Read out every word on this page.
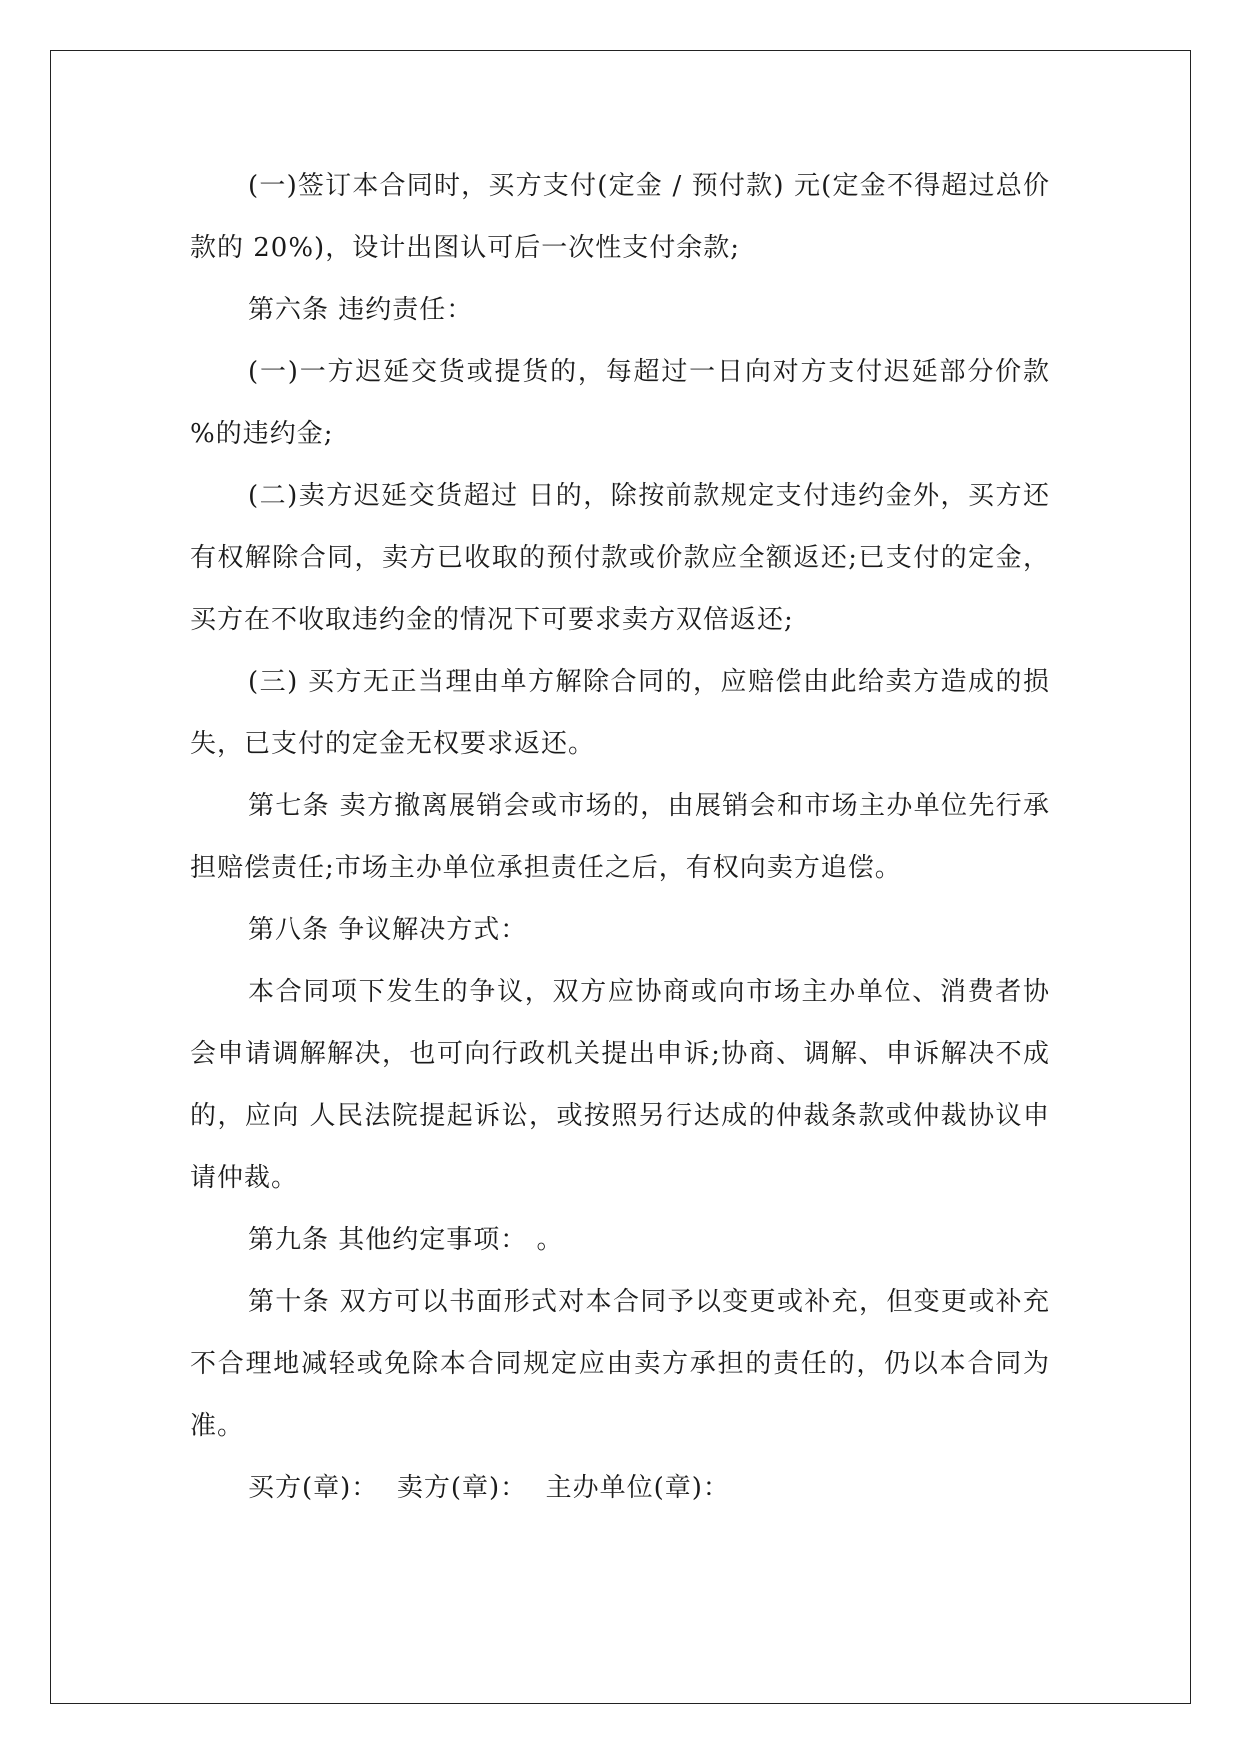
(一)签订本合同时，买方支付(定金 / 预付款) 元(定金不得超过总价款的 20%)，设计出图认可后一次性支付余款;

第六条 违约责任：

(一)一方迟延交货或提货的，每超过一日向对方支付迟延部分价款 %的违约金;

(二)卖方迟延交货超过 日的，除按前款规定支付违约金外，买方还有权解除合同，卖方已收取的预付款或价款应全额返还;已支付的定金，买方在不收取违约金的情况下可要求卖方双倍返还;

(三) 买方无正当理由单方解除合同的，应赔偿由此给卖方造成的损失，已支付的定金无权要求返还。

第七条 卖方撤离展销会或市场的，由展销会和市场主办单位先行承担赔偿责任;市场主办单位承担责任之后，有权向卖方追偿。

第八条 争议解决方式：

本合同项下发生的争议，双方应协商或向市场主办单位、消费者协会申请调解解决，也可向行政机关提出申诉;协商、调解、申诉解决不成的，应向 人民法院提起诉讼，或按照另行达成的仲裁条款或仲裁协议申请仲裁。

第九条 其他约定事项： 。

第十条 双方可以书面形式对本合同予以变更或补充，但变更或补充不合理地减轻或免除本合同规定应由卖方承担的责任的，仍以本合同为准。

买方(章)：  卖方(章)：  主办单位(章)：
